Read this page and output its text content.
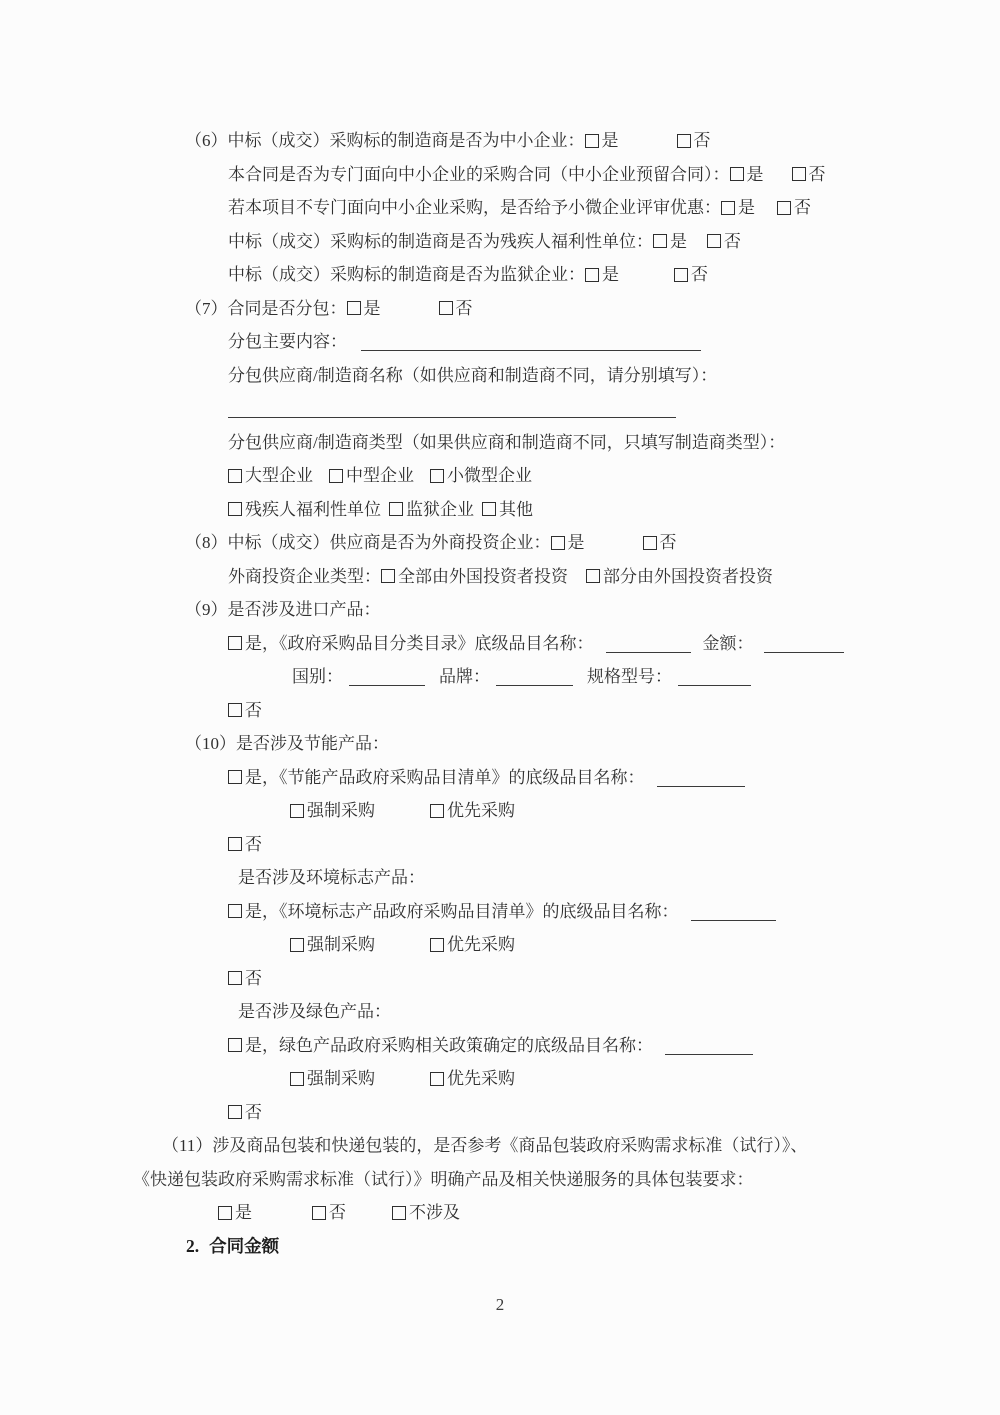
（6）中标（成交）采购标的制造商是否为中小企业： 是	否
本合同是否为专门面向中小企业的采购合同（中小企业预留合同）： 是	否
若本项目不专门面向中小企业采购，是否给予小微企业评审优惠： 是 否
中标（成交）采购标的制造商是否为残疾人福利性单位： 是 否
中标（成交）采购标的制造商是否为监狱企业： 是	否
（7）合同是否分包： 是	否
分包主要内容：
分包供应商/制造商名称（如供应商和制造商不同，请分别填写）：
分包供应商/制造商类型（如果供应商和制造商不同，只填写制造商类型）：
大型企业 中型企业 小微型企业
残疾人福利性单位 监狱企业 其他
（8）中标（成交）供应商是否为外商投资企业： 是	否
外商投资企业类型： 全部由外国投资者投资 部分由外国投资者投资
（9）是否涉及进口产品：
是，《政府采购品目分类目录》底级品目名称：	金额：
国别：	品牌：	规格型号：
否
（10）是否涉及节能产品：
是，《节能产品政府采购品目清单》的底级品目名称：
强制采购	优先采购
否
是否涉及环境标志产品：
是，《环境标志产品政府采购品目清单》的底级品目名称：
强制采购	优先采购
否
是否涉及绿色产品：
是，绿色产品政府采购相关政策确定的底级品目名称：
强制采购	优先采购
否
（11）涉及商品包装和快递包装的，是否参考《商品包装政府采购需求标准（试行）》、
《快递包装政府采购需求标准（试行）》明确产品及相关快递服务的具体包装要求：
是	否	不涉及
2. 合同金额
2
